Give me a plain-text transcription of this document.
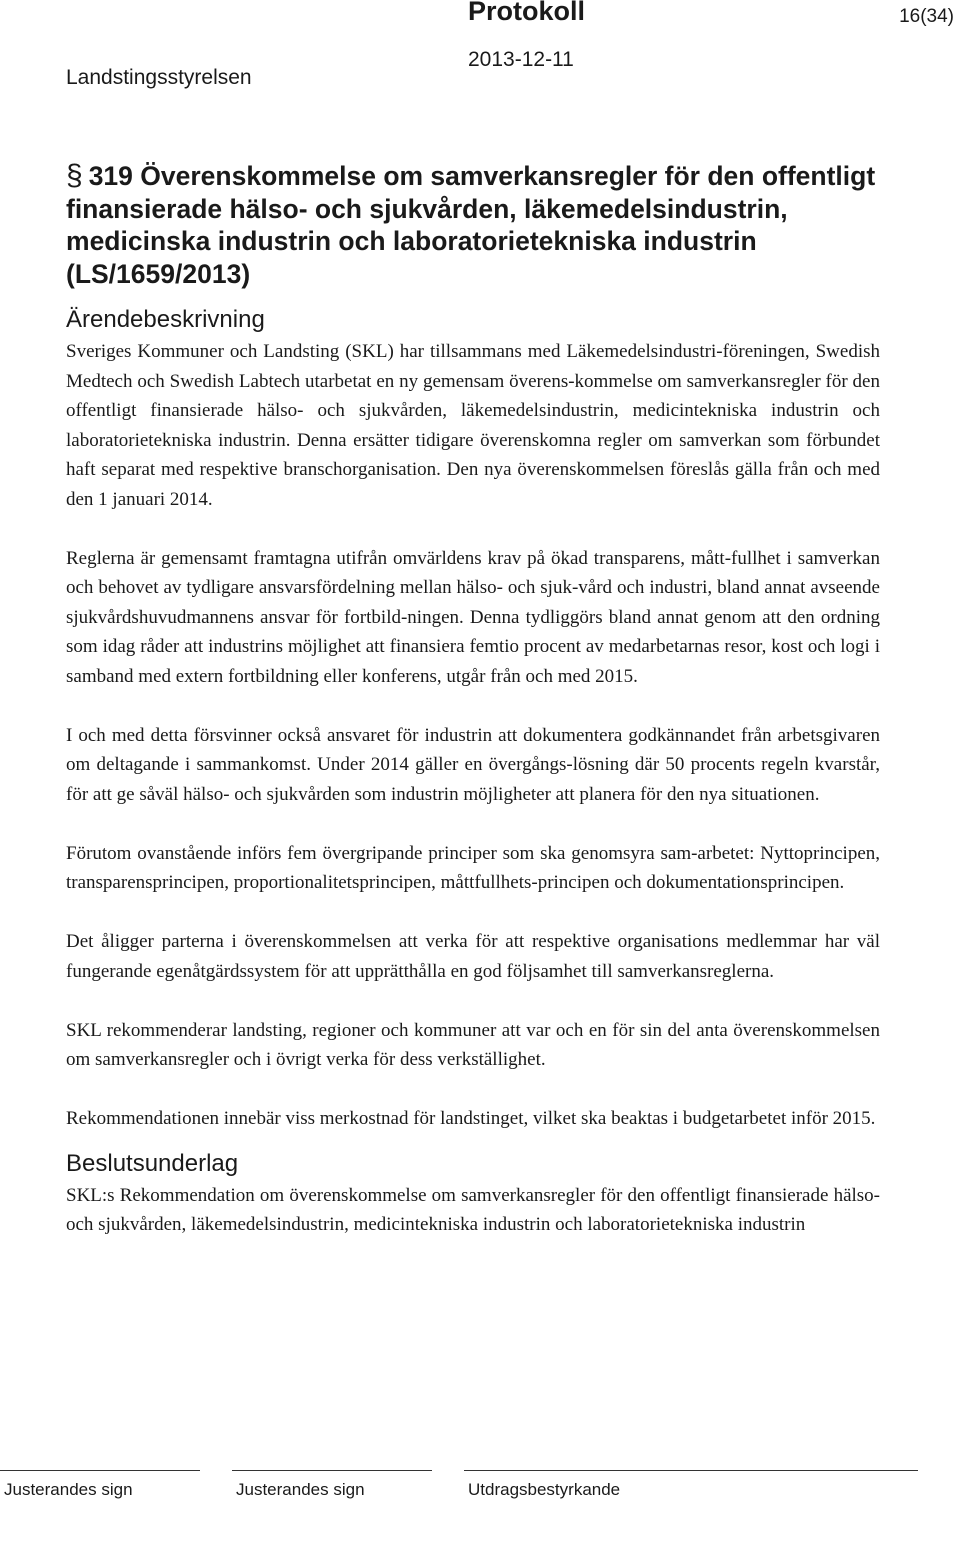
Landstingsstyrelsen
Protokoll
2013-12-11
16(34)
§ 319 Överenskommelse om samverkansregler för den offentligt finansierade hälso- och sjukvården, läkemedelsindustrin, medicinska industrin och laboratorietekniska industrin (LS/1659/2013)
Ärendebeskrivning

Sveriges Kommuner och Landsting (SKL) har tillsammans med Läkemedelsindustri-föreningen, Swedish Medtech och Swedish Labtech utarbetat en ny gemensam överens-kommelse om samverkansregler för den offentligt finansierade hälso- och sjukvården, läkemedelsindustrin, medicintekniska industrin och laboratorietekniska industrin. Denna ersätter tidigare överenskomna regler om samverkan som förbundet haft separat med respektive branschorganisation. Den nya överenskommelsen föreslås gälla från och med den 1 januari 2014.

Reglerna är gemensamt framtagna utifrån omvärldens krav på ökad transparens, mått-fullhet i samverkan och behovet av tydligare ansvarsfördelning mellan hälso- och sjuk-vård och industri, bland annat avseende sjukvårdshuvudmannens ansvar för fortbild-ningen. Denna tydliggörs bland annat genom att den ordning som idag råder att industrins möjlighet att finansiera femtio procent av medarbetarnas resor, kost och logi i samband med extern fortbildning eller konferens, utgår från och med 2015.

I och med detta försvinner också ansvaret för industrin att dokumentera godkännandet från arbetsgivaren om deltagande i sammankomst. Under 2014 gäller en övergångs-lösning där 50 procents regeln kvarstår, för att ge såväl hälso- och sjukvården som industrin möjligheter att planera för den nya situationen.

Förutom ovanstående införs fem övergripande principer som ska genomsyra sam-arbetet: Nyttoprincipen, transparensprincipen, proportionalitetsprincipen, måttfullhets-principen och dokumentationsprincipen.

Det åligger parterna i överenskommelsen att verka för att respektive organisations medlemmar har väl fungerande egenåtgärdssystem för att upprätthålla en god följsamhet till samverkansreglerna.

SKL rekommenderar landsting, regioner och kommuner att var och en för sin del anta överenskommelsen om samverkansregler och i övrigt verka för dess verkställighet.

Rekommendationen innebär viss merkostnad för landstinget, vilket ska beaktas i budgetarbetet inför 2015.

Beslutsunderlag

SKL:s Rekommendation om överenskommelse om samverkansregler för den offentligt finansierade hälso- och sjukvården, läkemedelsindustrin, medicintekniska industrin och laboratorietekniska industrin

Justerandes sign	Justerandes sign	Utdragsbestyrkande
